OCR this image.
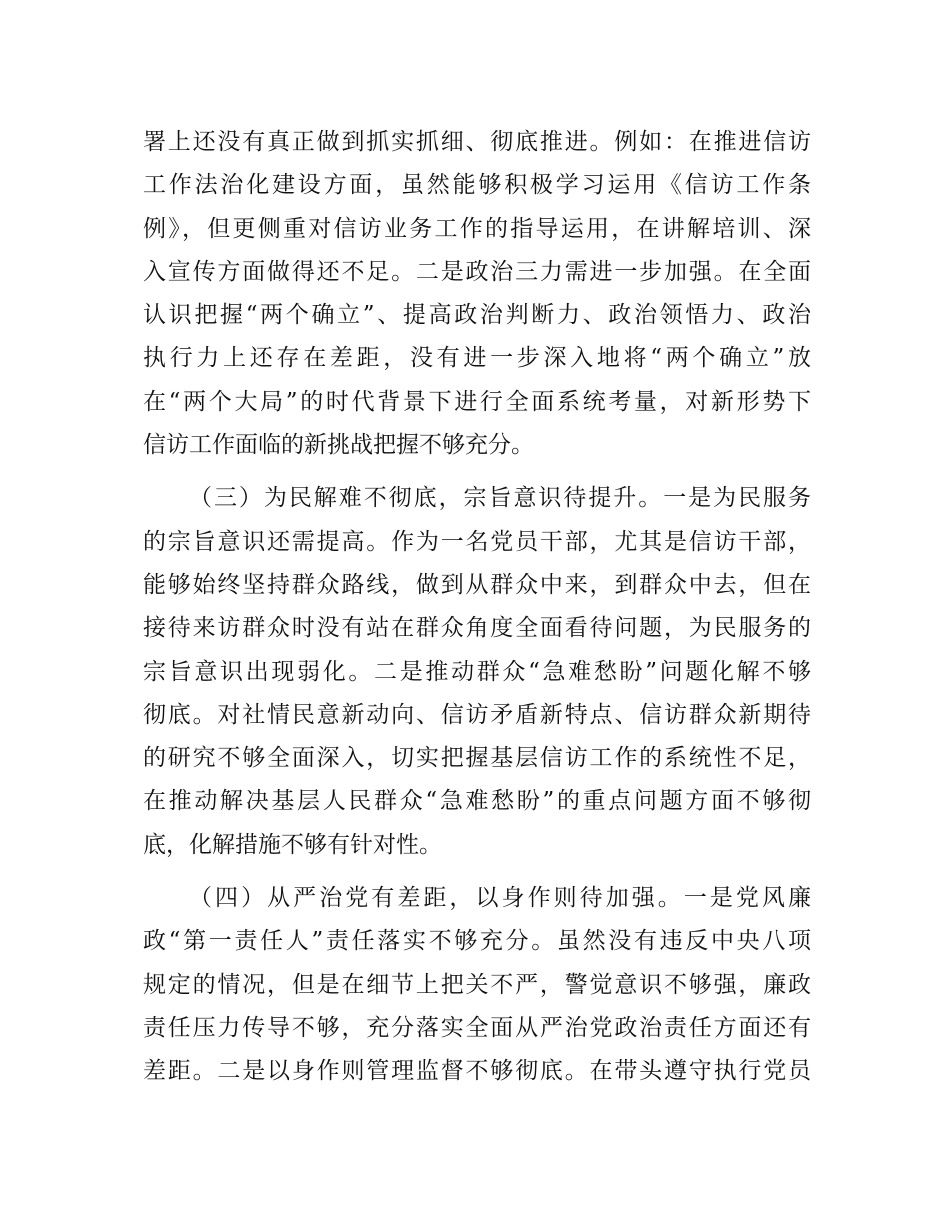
署上还没有真正做到抓实抓细、彻底推进。例如：在推进信访
工作法治化建设方面，虽然能够积极学习运用《信访工作条
例》，但更侧重对信访业务工作的指导运用，在讲解培训、深
入宣传方面做得还不足。二是政治三力需进一步加强。在全面
认识把握“两个确立”、提高政治判断力、政治领悟力、政治
执行力上还存在差距，没有进一步深入地将“两个确立”放
在“两个大局”的时代背景下进行全面系统考量，对新形势下
信访工作面临的新挑战把握不够充分。
（三）为民解难不彻底，宗旨意识待提升。一是为民服务
的宗旨意识还需提高。作为一名党员干部，尤其是信访干部，
能够始终坚持群众路线，做到从群众中来，到群众中去，但在
接待来访群众时没有站在群众角度全面看待问题，为民服务的
宗旨意识出现弱化。二是推动群众“急难愁盼”问题化解不够
彻底。对社情民意新动向、信访矛盾新特点、信访群众新期待
的研究不够全面深入，切实把握基层信访工作的系统性不足，
在推动解决基层人民群众“急难愁盼”的重点问题方面不够彻
底，化解措施不够有针对性。
（四）从严治党有差距，以身作则待加强。一是党风廉
政“第一责任人”责任落实不够充分。虽然没有违反中央八项
规定的情况，但是在细节上把关不严，警觉意识不够强，廉政
责任压力传导不够，充分落实全面从严治党政治责任方面还有
差距。二是以身作则管理监督不够彻底。在带头遵守执行党员
